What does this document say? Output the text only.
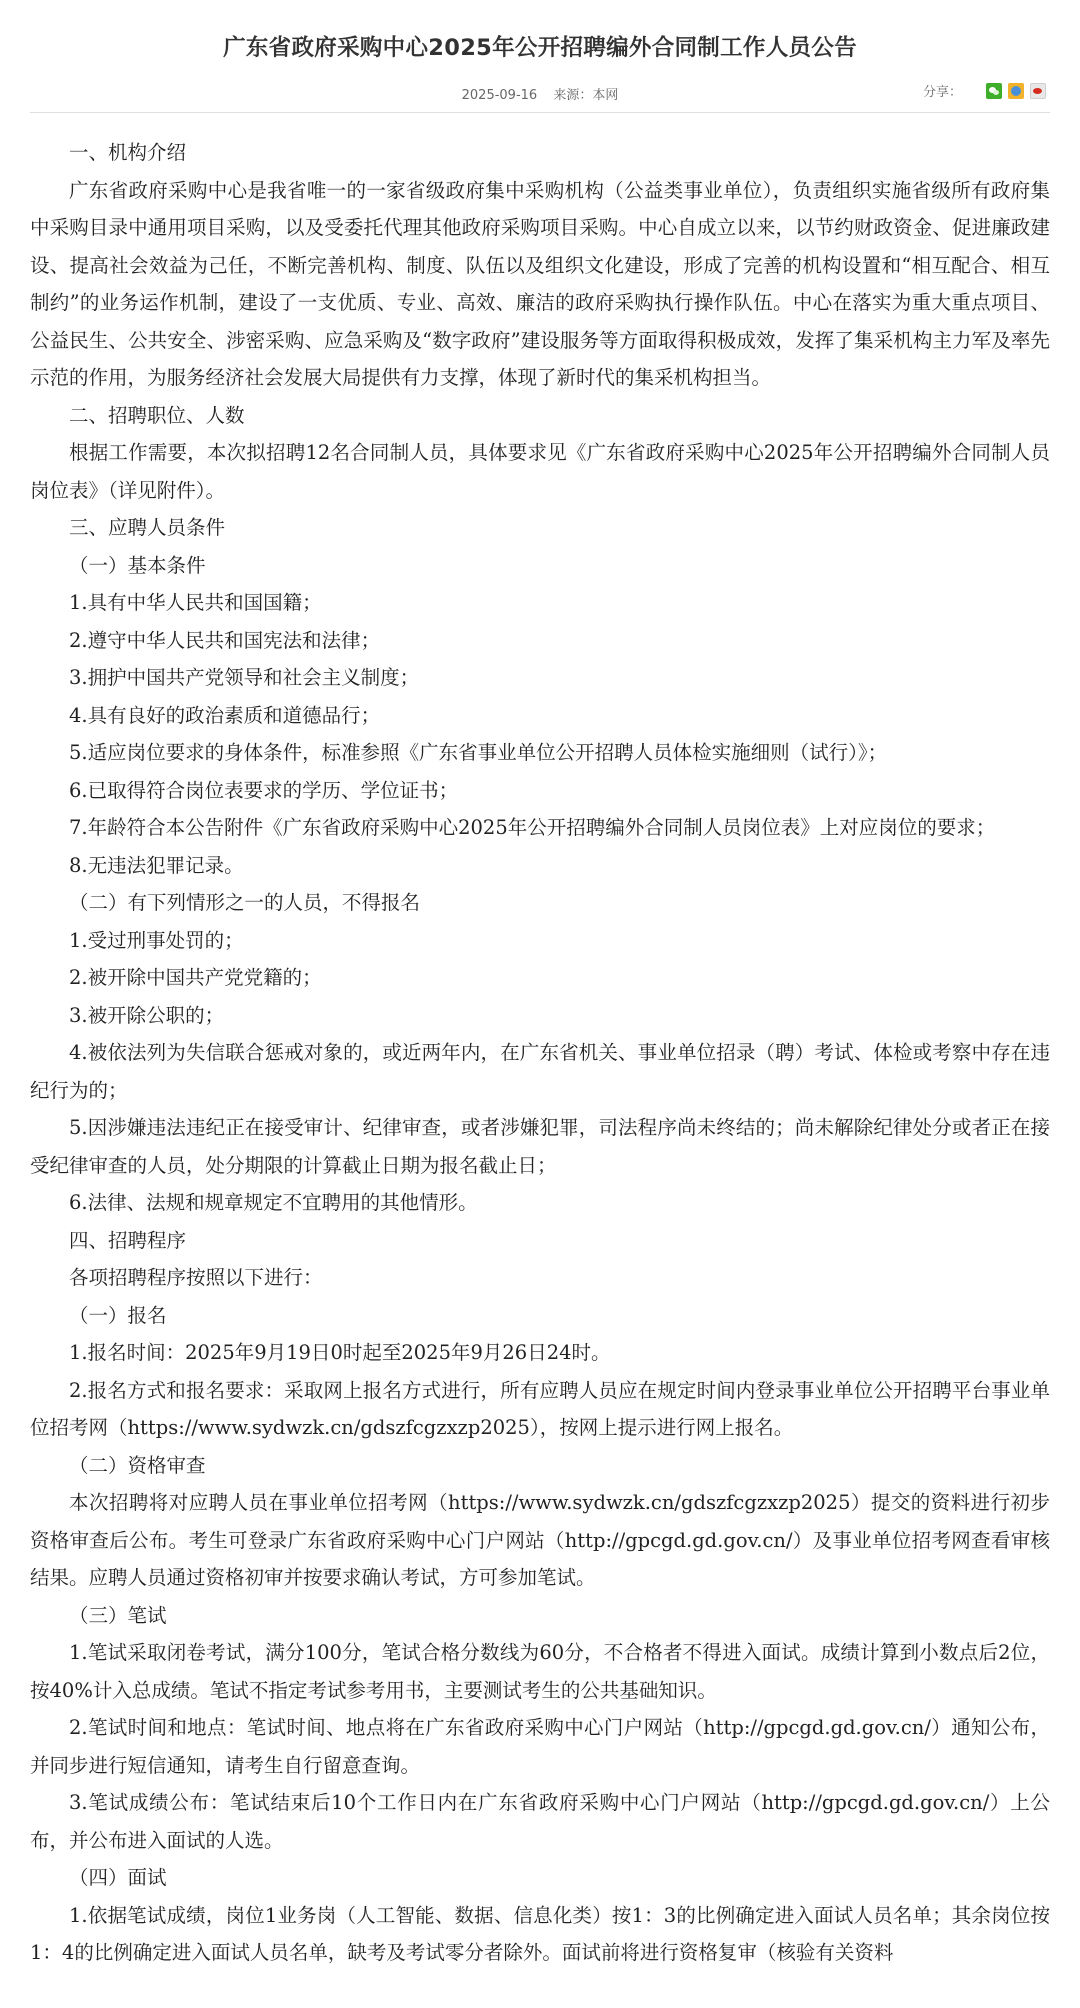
广东省政府采购中心2025年公开招聘编外合同制工作人员公告
2025-09-16 来源：本网	分享：

一、机构介绍

广东省政府采购中心是我省唯一的一家省级政府集中采购机构（公益类事业单位），负责组织实施省级所有政府集中采购目录中通用项目采购，以及受委托代理其他政府采购项目采购。中心自成立以来，以节约财政资金、促进廉政建设、提高社会效益为己任，不断完善机构、制度、队伍以及组织文化建设，形成了完善的机构设置和“相互配合、相互制约”的业务运作机制，建设了一支优质、专业、高效、廉洁的政府采购执行操作队伍。中心在落实为重大重点项目、公益民生、公共安全、涉密采购、应急采购及“数字政府”建设服务等方面取得积极成效，发挥了集采机构主力军及率先示范的作用，为服务经济社会发展大局提供有力支撑，体现了新时代的集采机构担当。

二、招聘职位、人数

根据工作需要，本次拟招聘12名合同制人员，具体要求见《广东省政府采购中心2025年公开招聘编外合同制人员岗位表》（详见附件）。

三、应聘人员条件

（一）基本条件

1.具有中华人民共和国国籍；

2.遵守中华人民共和国宪法和法律；

3.拥护中国共产党领导和社会主义制度；

4.具有良好的政治素质和道德品行；

5.适应岗位要求的身体条件，标准参照《广东省事业单位公开招聘人员体检实施细则（试行）》；

6.已取得符合岗位表要求的学历、学位证书；

7.年龄符合本公告附件《广东省政府采购中心2025年公开招聘编外合同制人员岗位表》上对应岗位的要求；

8.无违法犯罪记录。

（二）有下列情形之一的人员，不得报名

1.受过刑事处罚的；

2.被开除中国共产党党籍的；

3.被开除公职的；

4.被依法列为失信联合惩戒对象的，或近两年内，在广东省机关、事业单位招录（聘）考试、体检或考察中存在违纪行为的；

5.因涉嫌违法违纪正在接受审计、纪律审查，或者涉嫌犯罪，司法程序尚未终结的；尚未解除纪律处分或者正在接受纪律审查的人员，处分期限的计算截止日期为报名截止日；

6.法律、法规和规章规定不宜聘用的其他情形。

四、招聘程序

各项招聘程序按照以下进行：

（一）报名

1.报名时间：2025年9月19日0时起至2025年9月26日24时。

2.报名方式和报名要求：采取网上报名方式进行，所有应聘人员应在规定时间内登录事业单位公开招聘平台事业单位招考网（https://www.sydwzk.cn/gdszfcgzxzp2025），按网上提示进行网上报名。

（二）资格审查

本次招聘将对应聘人员在事业单位招考网（https://www.sydwzk.cn/gdszfcgzxzp2025）提交的资料进行初步资格审查后公布。考生可登录广东省政府采购中心门户网站（http://gpcgd.gd.gov.cn/）及事业单位招考网查看审核结果。应聘人员通过资格初审并按要求确认考试，方可参加笔试。

（三）笔试

1.笔试采取闭卷考试，满分100分，笔试合格分数线为60分，不合格者不得进入面试。成绩计算到小数点后2位，按40%计入总成绩。笔试不指定考试参考用书，主要测试考生的公共基础知识。

2.笔试时间和地点：笔试时间、地点将在广东省政府采购中心门户网站（http://gpcgd.gd.gov.cn/）通知公布，并同步进行短信通知，请考生自行留意查询。

3.笔试成绩公布：笔试结束后10个工作日内在广东省政府采购中心门户网站（http://gpcgd.gd.gov.cn/）上公布，并公布进入面试的人选。

（四）面试

1.依据笔试成绩，岗位1业务岗（人工智能、数据、信息化类）按1：3的比例确定进入面试人员名单；其余岗位按1：4的比例确定进入面试人员名单，缺考及考试零分者除外。面试前将进行资格复审（核验有关资料
